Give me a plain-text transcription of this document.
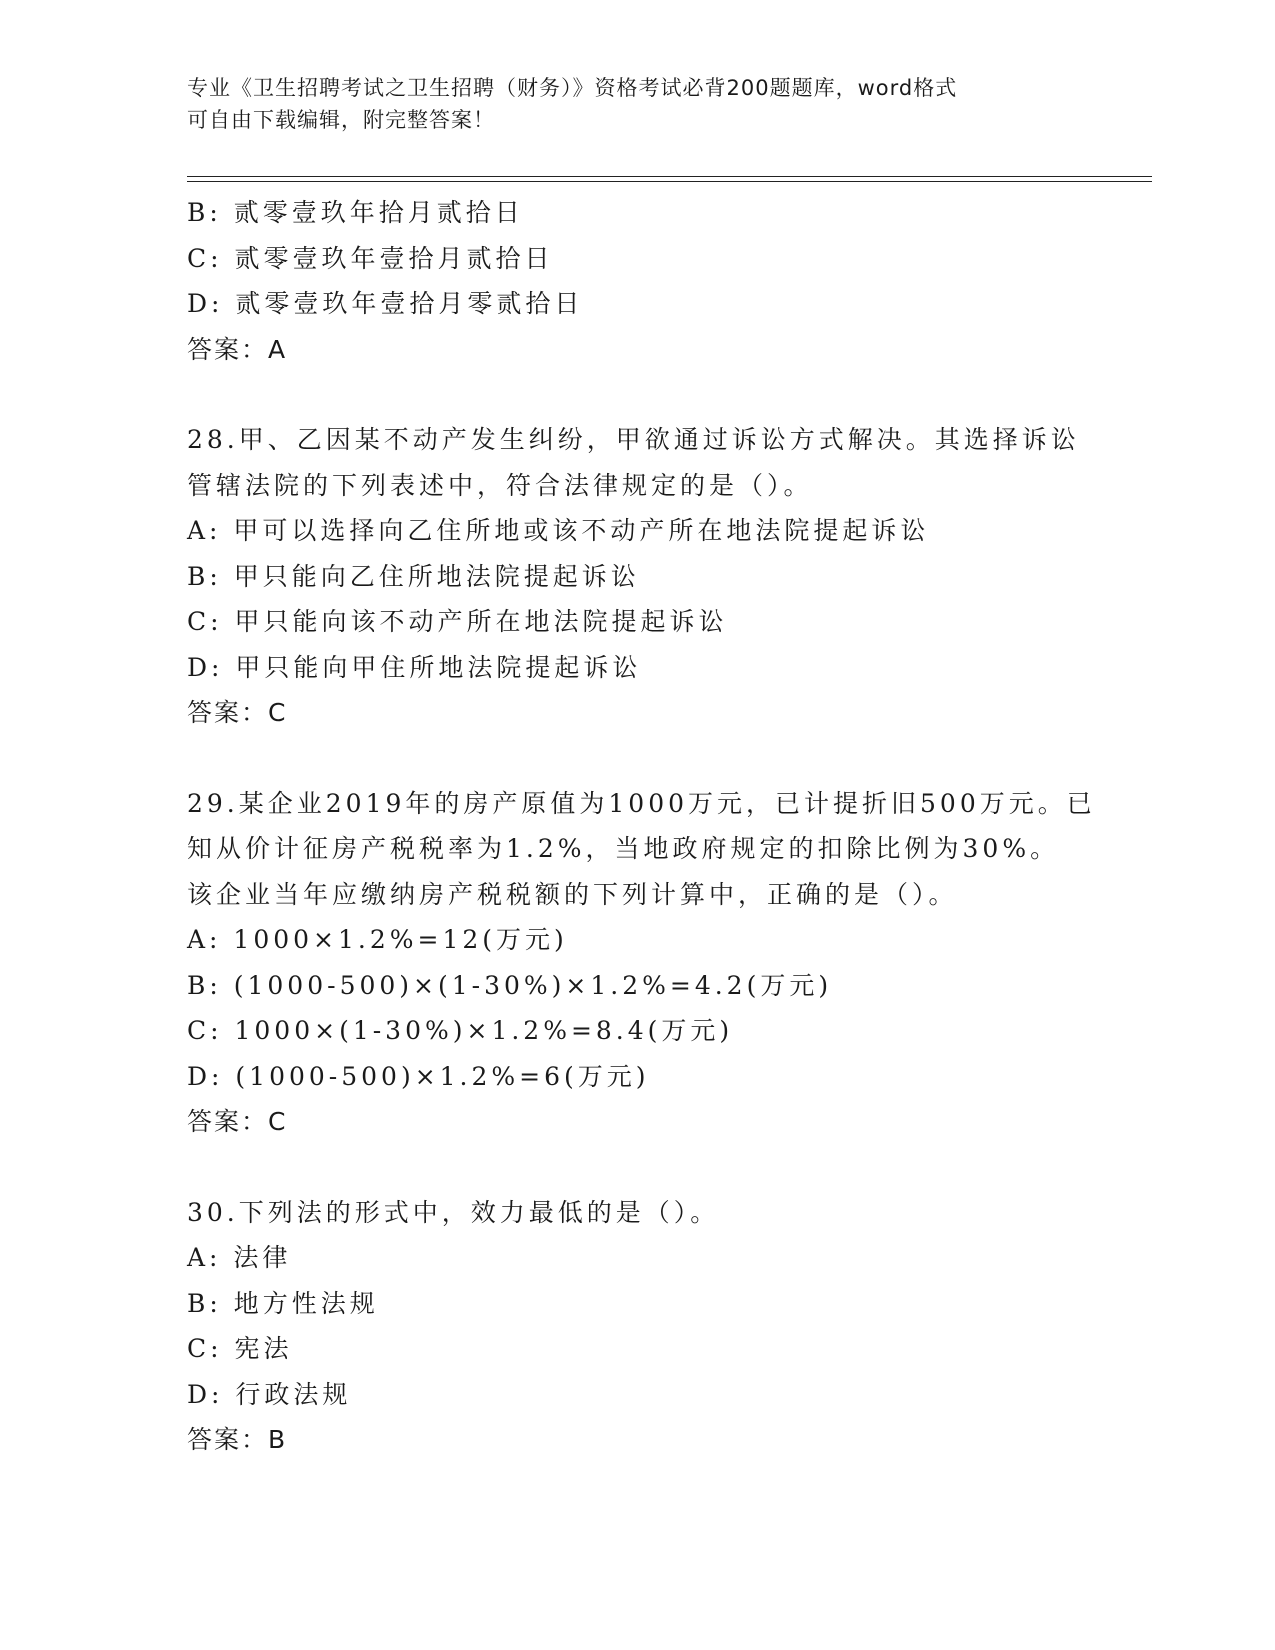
专业《卫生招聘考试之卫生招聘（财务）》资格考试必背200题题库，word格式
可自由下载编辑，附完整答案！
B: 贰零壹玖年拾月贰拾日
C: 贰零壹玖年壹拾月贰拾日
D: 贰零壹玖年壹拾月零贰拾日
答案：A
28.甲、乙因某不动产发生纠纷，甲欲通过诉讼方式解决。其选择诉讼
管辖法院的下列表述中，符合法律规定的是（）。
A: 甲可以选择向乙住所地或该不动产所在地法院提起诉讼
B: 甲只能向乙住所地法院提起诉讼
C: 甲只能向该不动产所在地法院提起诉讼
D: 甲只能向甲住所地法院提起诉讼
答案：C
29.某企业2019年的房产原值为1000万元，已计提折旧500万元。已
知从价计征房产税税率为1.2%，当地政府规定的扣除比例为30%。
该企业当年应缴纳房产税税额的下列计算中，正确的是（）。
A: 1000×1.2%=12(万元)
B: (1000-500)×(1-30%)×1.2%=4.2(万元)
C: 1000×(1-30%)×1.2%=8.4(万元)
D: (1000-500)×1.2%=6(万元)
答案：C
30.下列法的形式中，效力最低的是（）。
A: 法律
B: 地方性法规
C: 宪法
D: 行政法规
答案：B
